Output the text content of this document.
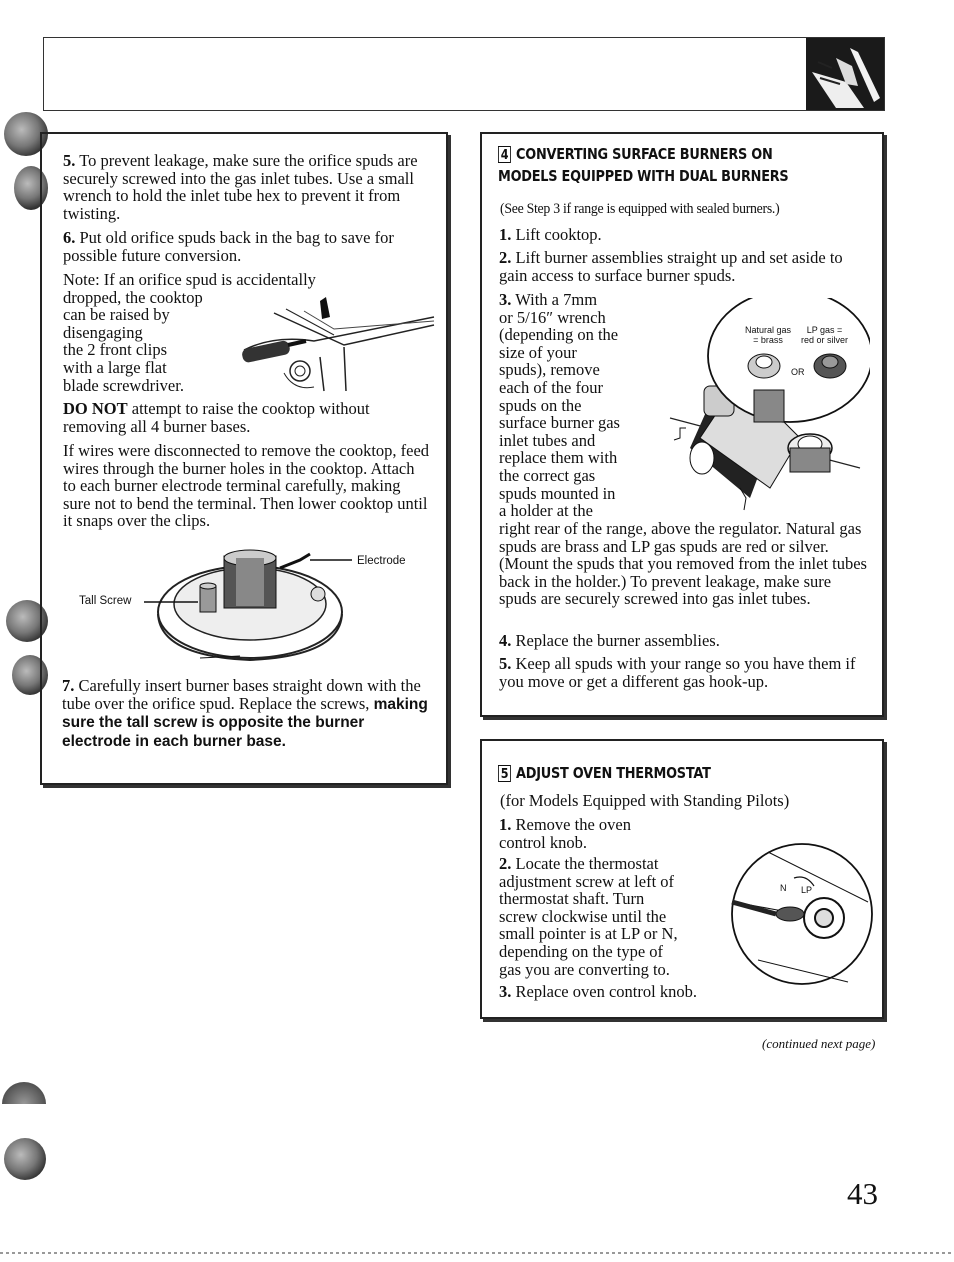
5. To prevent leakage, make sure the orifice spuds are securely screwed into the gas inlet tubes. Use a small wrench to hold the inlet tube hex to prevent it from twisting.
6. Put old orifice spuds back in the bag to save for possible future conversion.
Note: If an orifice spud is accidentally
dropped, the cooktop
can be raised by
disengaging
the 2 front clips
with a large flat
blade screwdriver.
DO NOT attempt to raise the cooktop without removing all 4 burner bases.
If wires were disconnected to remove the cooktop, feed wires through the burner holes in the cooktop. Attach to each burner electrode terminal carefully, making sure not to bend the terminal. Then lower cooktop until it snaps over the clips.
Electrode
Tall Screw
7. Carefully insert burner bases straight down with the tube over the orifice spud. Replace the screws, making sure the tall screw is opposite the burner electrode in each burner base.
4 CONVERTING SURFACE BURNERS ON
MODELS EQUIPPED WITH DUAL BURNERS
(See Step 3 if range is equipped with sealed burners.)
1. Lift cooktop.
2. Lift burner assemblies straight up and set aside to gain access to surface burner spuds.
3. With a 7mm
or 5/16″ wrench
(depending on the
size of your
spuds), remove
each of the four
spuds on the
surface burner gas
inlet tubes and
replace them with
the correct gas
spuds mounted in
a holder at the
Natural gas
= brass
LP gas =
red or silver
OR
right rear of the range, above the regulator. Natural gas spuds are brass and LP gas spuds are red or silver. (Mount the spuds that you removed from the inlet tubes back in the holder.) To prevent leakage, make sure spuds are securely screwed into gas inlet tubes.
4. Replace the burner assemblies.
5. Keep all spuds with your range so you have them if you move or get a different gas hook-up.
5 ADJUST OVEN THERMOSTAT
(for Models Equipped with Standing Pilots)
1. Remove the oven
control knob.
2. Locate the thermostat
adjustment screw at left of
thermostat shaft. Turn
screw clockwise until the
small pointer is at LP or N,
depending on the type of
gas you are converting to.
3. Replace oven control knob.
N LP
(continued next page)
43
